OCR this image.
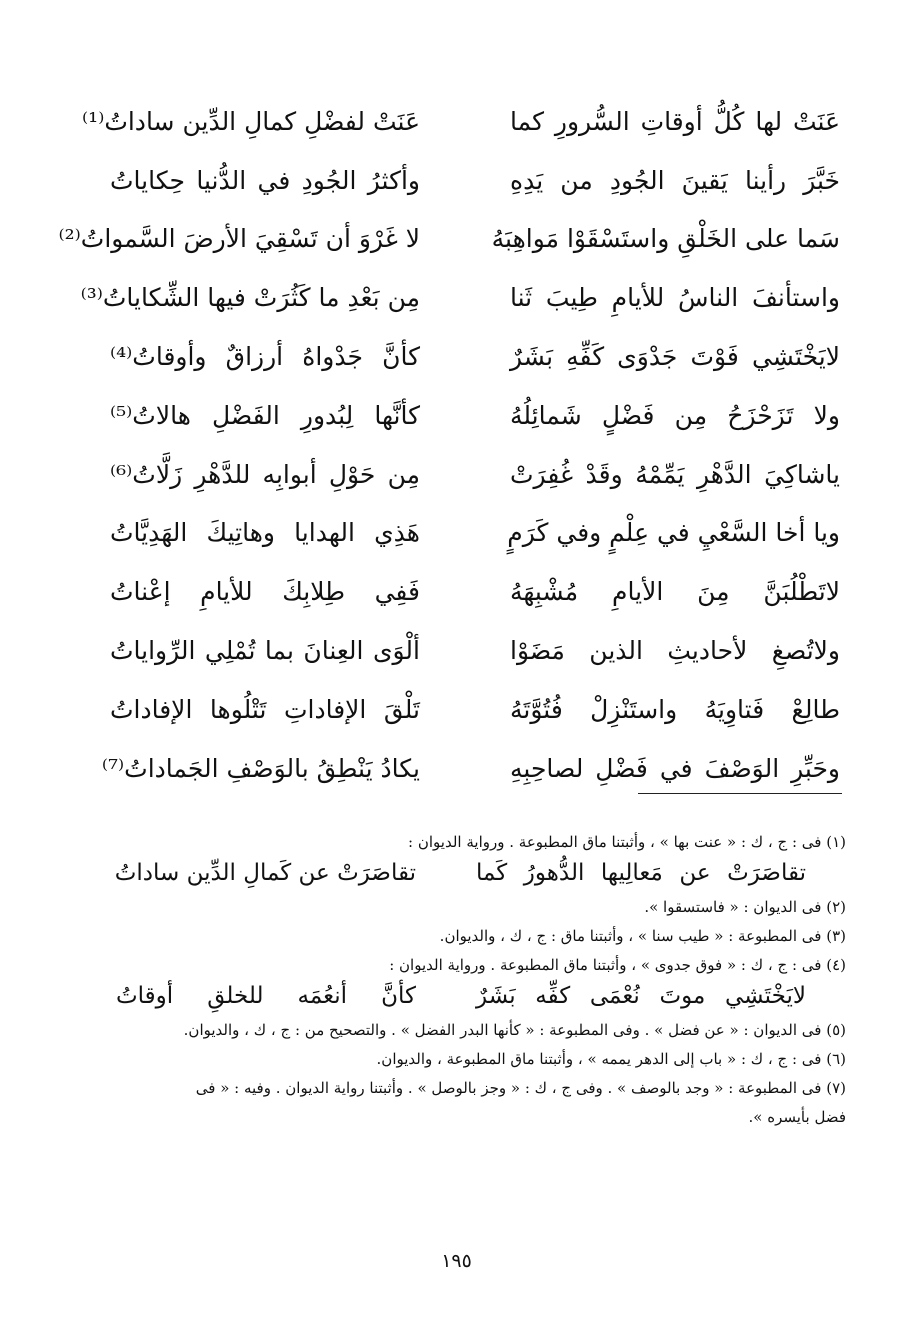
عَنَتْ لها كُلُّ أوقاتِ السُّرورِ كما
عَنَتْ لفضْلِ كمالِ الدِّين ساداتُ⁽¹⁾
خَبَّرَ رأينا يَقينَ الجُودِ من يَدِهِ
وأكثرُ الجُودِ في الدُّنيا حِكاياتُ
سَما على الخَلْقِ واستَسْقَوْا مَواهِبَهُ
لا غَرْوَ أن تَسْقِيَ الأرضَ السَّمواتُ⁽²⁾
واستأنفَ الناسُ للأيامِ طِيبَ ثَنا
مِن بَعْدِ ما كَثُرَتْ فيها الشِّكاياتُ⁽³⁾
لايَخْتَشِي فَوْتَ جَدْوَى كَفِّهِ بَشَرٌ
كأنَّ جَدْواهُ أرزاقٌ وأوقاتُ⁽⁴⁾
ولا تَزَحْزَحُ مِن فَضْلٍ شَمائِلُهُ
كأنَّها لِبُدورِ الفَضْلِ هالاتُ⁽⁵⁾
ياشاكِيَ الدَّهْرِ يَمِّمْهُ وقَدْ غُفِرَتْ
مِن حَوْلِ أبوابِه للدَّهْرِ زَلَّاتُ⁽⁶⁾
ويا أخا السَّعْيِ في عِلْمٍ وفي كَرَمٍ
هَذِي الهدايا وهاتِيكَ الهَدِيَّاتُ
لاتَطْلُبَنَّ مِنَ الأيامِ مُشْبِهَهُ
فَفِي طِلابِكَ للأيامِ إعْناتُ
ولاتُصغِ لأحاديثِ الذين مَضَوْا
ألْوَى العِنانَ بما تُمْلِي الرِّواياتُ
طالِعْ فَتاوِيَهُ واستَنْزِلْ فُتُوَّتَهُ
تَلْقَ الإفاداتِ تَتْلُوها الإفاداتُ
وحَبِّرِ الوَصْفَ في فَضْلِ لصاحِبِهِ
يكادُ يَنْطِقُ بالوَصْفِ الجَماداتُ⁽⁷⁾

(١) فى : ج ، ك : « عنت بها » ، وأثبتنا ماق المطبوعة . ورواية الديوان :

تقاصَرَتْ عن مَعالِيها الدُّهورُ كَما
تقاصَرَتْ عن كَمالِ الدِّين ساداتُ

(٢) فى الديوان : « فاستسقوا ».

(٣) فى المطبوعة : « طيب سنا » ، وأثبتنا ماق : ج ، ك ، والديوان.

(٤) فى : ج ، ك : « فوق جدوى » ، وأثبتنا ماق المطبوعة . ورواية الديوان :

لايَخْتَشِي موتَ نُعْمَى كفِّه بَشَرٌ
كأنَّ أنعُمَه للخلقِ أوقاتُ

(٥) فى الديوان : « عن فضل » . وفى المطبوعة : « كأنها البدر الفضل » . والتصحيح من : ج ، ك ، والديوان.

(٦) فى : ج ، ك : « باب إلى الدهر يممه » ، وأثبتنا ماق المطبوعة ، والديوان.

(٧) فى المطبوعة : « وجد بالوصف » . وفى ج ، ك : « وجز بالوصل » . وأثبتنا رواية الديوان . وفيه : « فى

فضل بأيسره ».

١٩٥
